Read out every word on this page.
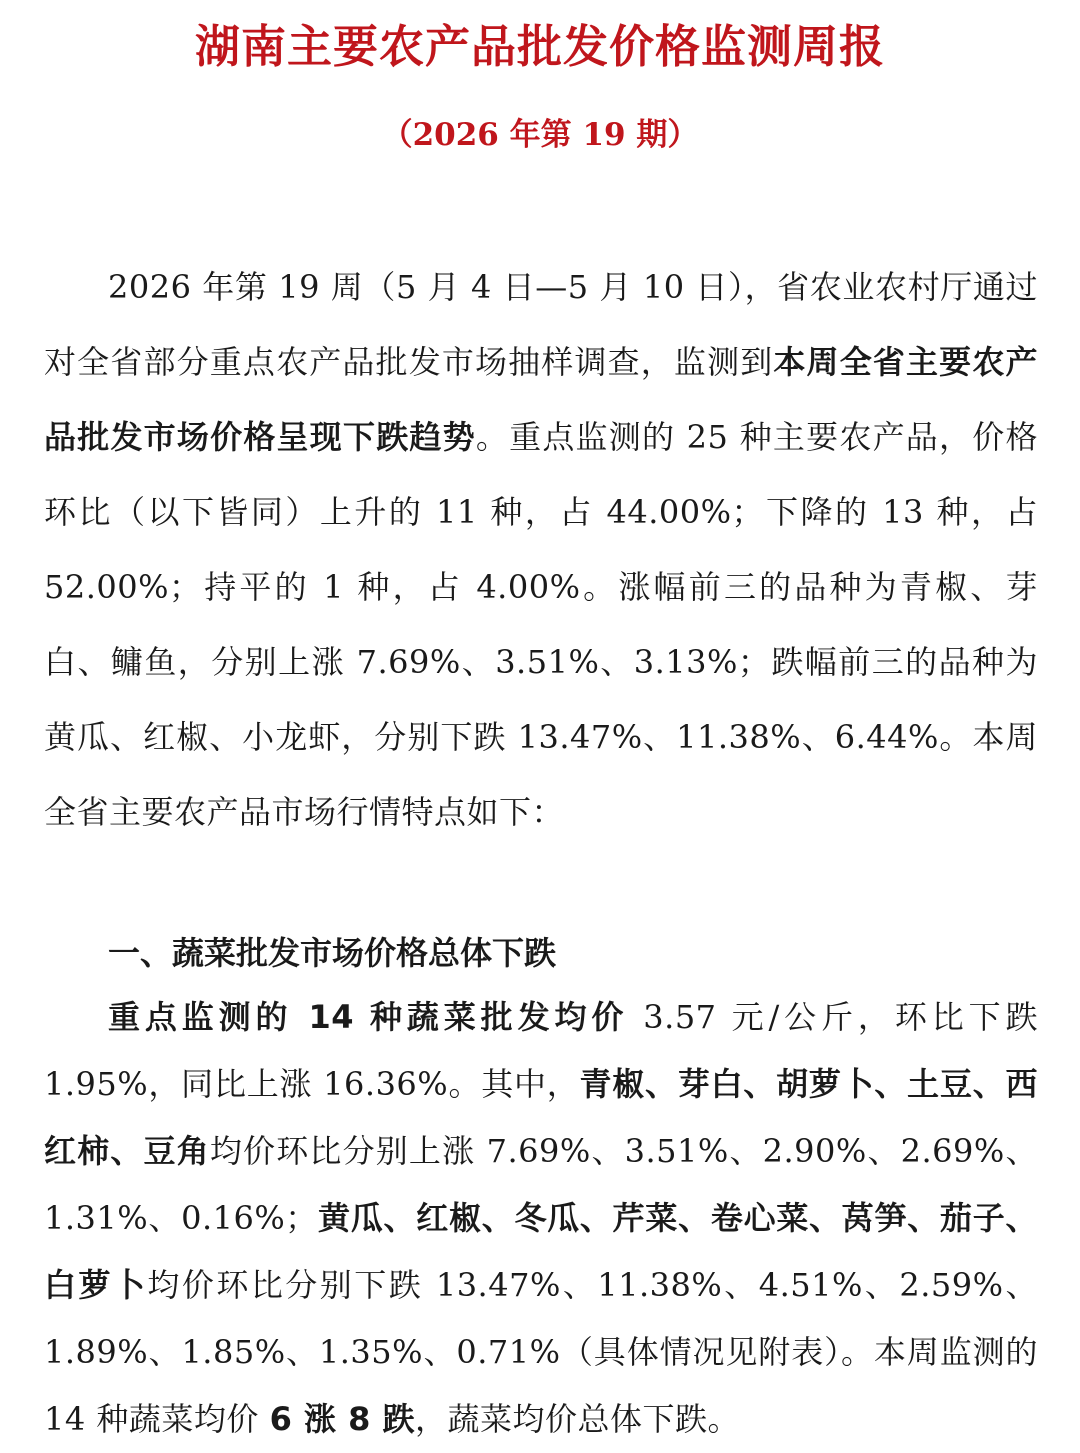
湖南主要农产品批发价格监测周报
（2026 年第 19 期）

2026 年第 19 周（5 月 4 日—5 月 10 日），省农业农村厅通过对全省部分重点农产品批发市场抽样调查，监测到本周全省主要农产品批发市场价格呈现下跌趋势。重点监测的 25 种主要农产品，价格环比（以下皆同）上升的 11 种，占 44.00%；下降的 13 种，占 52.00%；持平的 1 种，占 4.00%。涨幅前三的品种为青椒、芽白、鳙鱼，分别上涨 7.69%、3.51%、3.13%；跌幅前三的品种为黄瓜、红椒、小龙虾，分别下跌 13.47%、11.38%、6.44%。本周全省主要农产品市场行情特点如下：

一、蔬菜批发市场价格总体下跌

重点监测的 14 种蔬菜批发均价 3.57 元/公斤，环比下跌 1.95%，同比上涨 16.36%。其中，青椒、芽白、胡萝卜、土豆、西红柿、豆角均价环比分别上涨 7.69%、3.51%、2.90%、2.69%、1.31%、0.16%；黄瓜、红椒、冬瓜、芹菜、卷心菜、莴笋、茄子、白萝卜均价环比分别下跌 13.47%、11.38%、4.51%、2.59%、1.89%、1.85%、1.35%、0.71%（具体情况见附表）。本周监测的 14 种蔬菜均价 6 涨 8 跌，蔬菜均价总体下跌。
